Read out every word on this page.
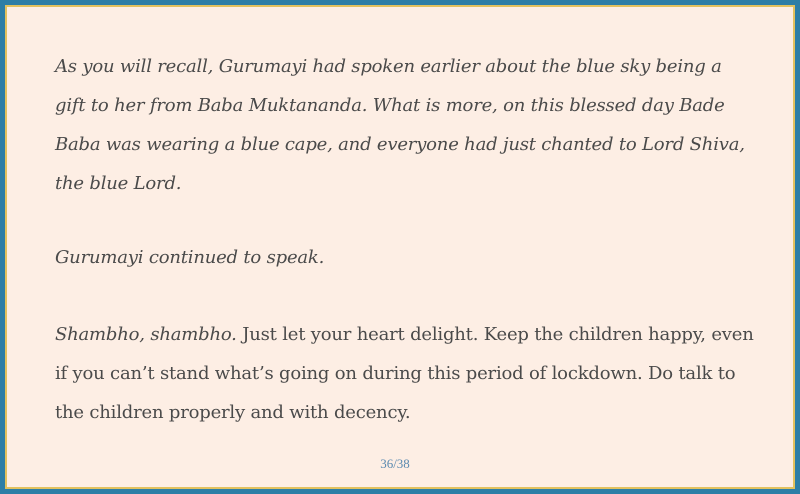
As you will recall, Gurumayi had spoken earlier about the blue sky being a gift to her from Baba Muktananda. What is more, on this blessed day Bade Baba was wearing a blue cape, and everyone had just chanted to Lord Shiva, the blue Lord.

Gurumayi continued to speak.

Shambho, shambho. Just let your heart delight. Keep the children happy, even if you can’t stand what’s going on during this period of lockdown. Do talk to the children properly and with decency.

36/38
